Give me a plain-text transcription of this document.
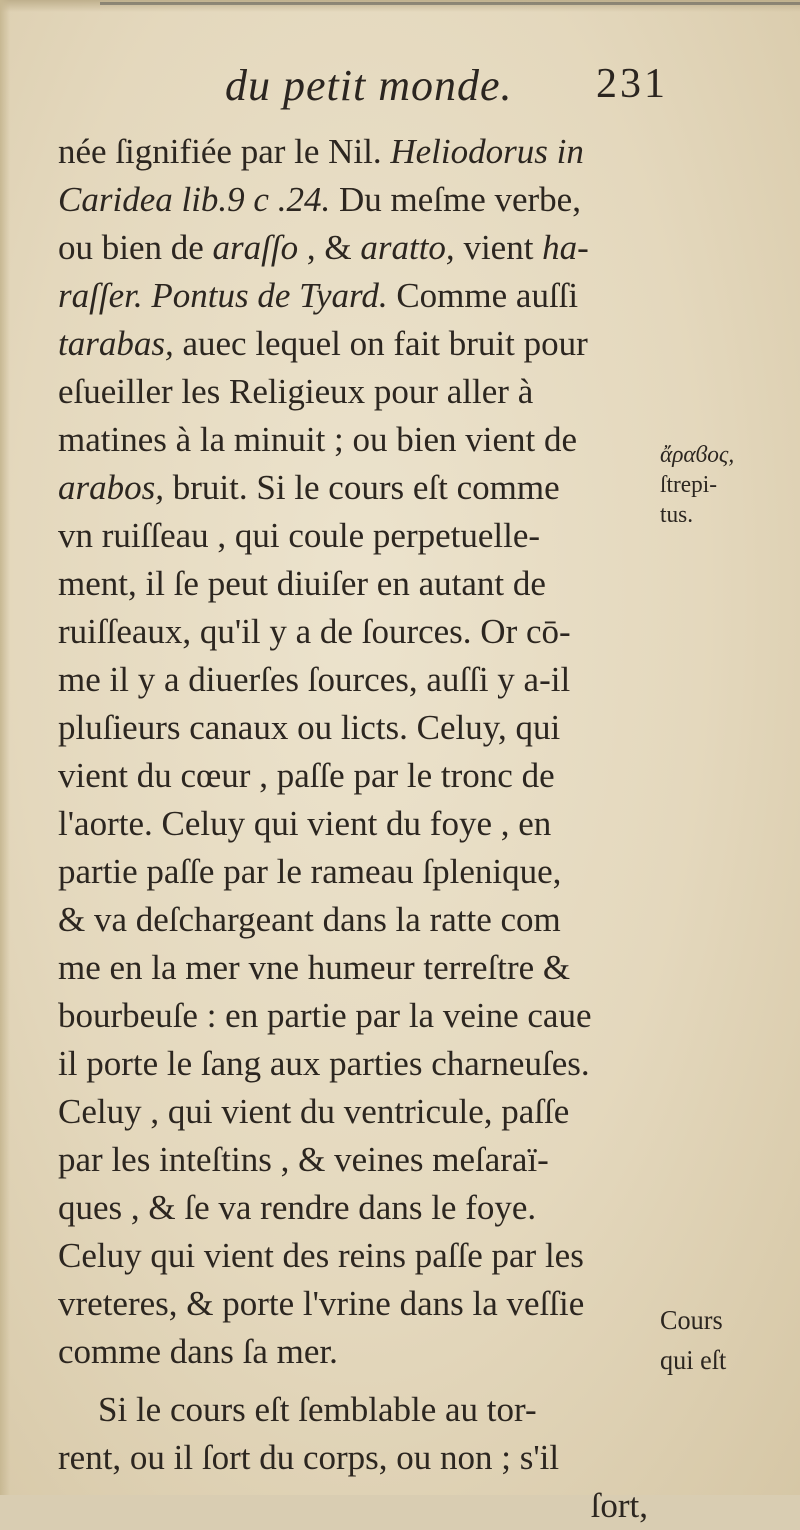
du petit monde. 231
née ſignifiée par le Nil. Heliodorus in
Caridea lib.9 c .24. Du meſme verbe,
ou bien de araſſo , & aratto, vient ha-
raſſer. Pontus de Tyard. Comme auſſi
tarabas, auec lequel on fait bruit pour
eſueiller les Religieux pour aller à
matines à la minuit ; ou bien vient de
arabos, bruit. Si le cours eſt comme
vn ruiſſeau , qui coule perpetuelle-
ment, il ſe peut diuiſer en autant de
ruiſſeaux, qu'il y a de ſources. Or cō-
me il y a diuerſes ſources, auſſi y a-il
pluſieurs canaux ou licts. Celuy, qui
vient du cœur , paſſe par le tronc de
l'aorte. Celuy qui vient du foye , en
partie paſſe par le rameau ſplenique,
& va deſchargeant dans la ratte com
me en la mer vne humeur terreſtre &
bourbeuſe : en partie par la veine caue
il porte le ſang aux parties charneuſes.
Celuy , qui vient du ventricule, paſſe
par les inteſtins , & veines meſaraï-
ques , & ſe va rendre dans le foye.
Celuy qui vient des reins paſſe par les
vreteres, & porte l'vrine dans la veſſie
comme dans ſa mer.
Si le cours eſt ſemblable au tor-
rent, ou il ſort du corps, ou non ; s'il
ſort,
ἄραϐος,
ſtrepi-
tus.
Cours
qui eſt
